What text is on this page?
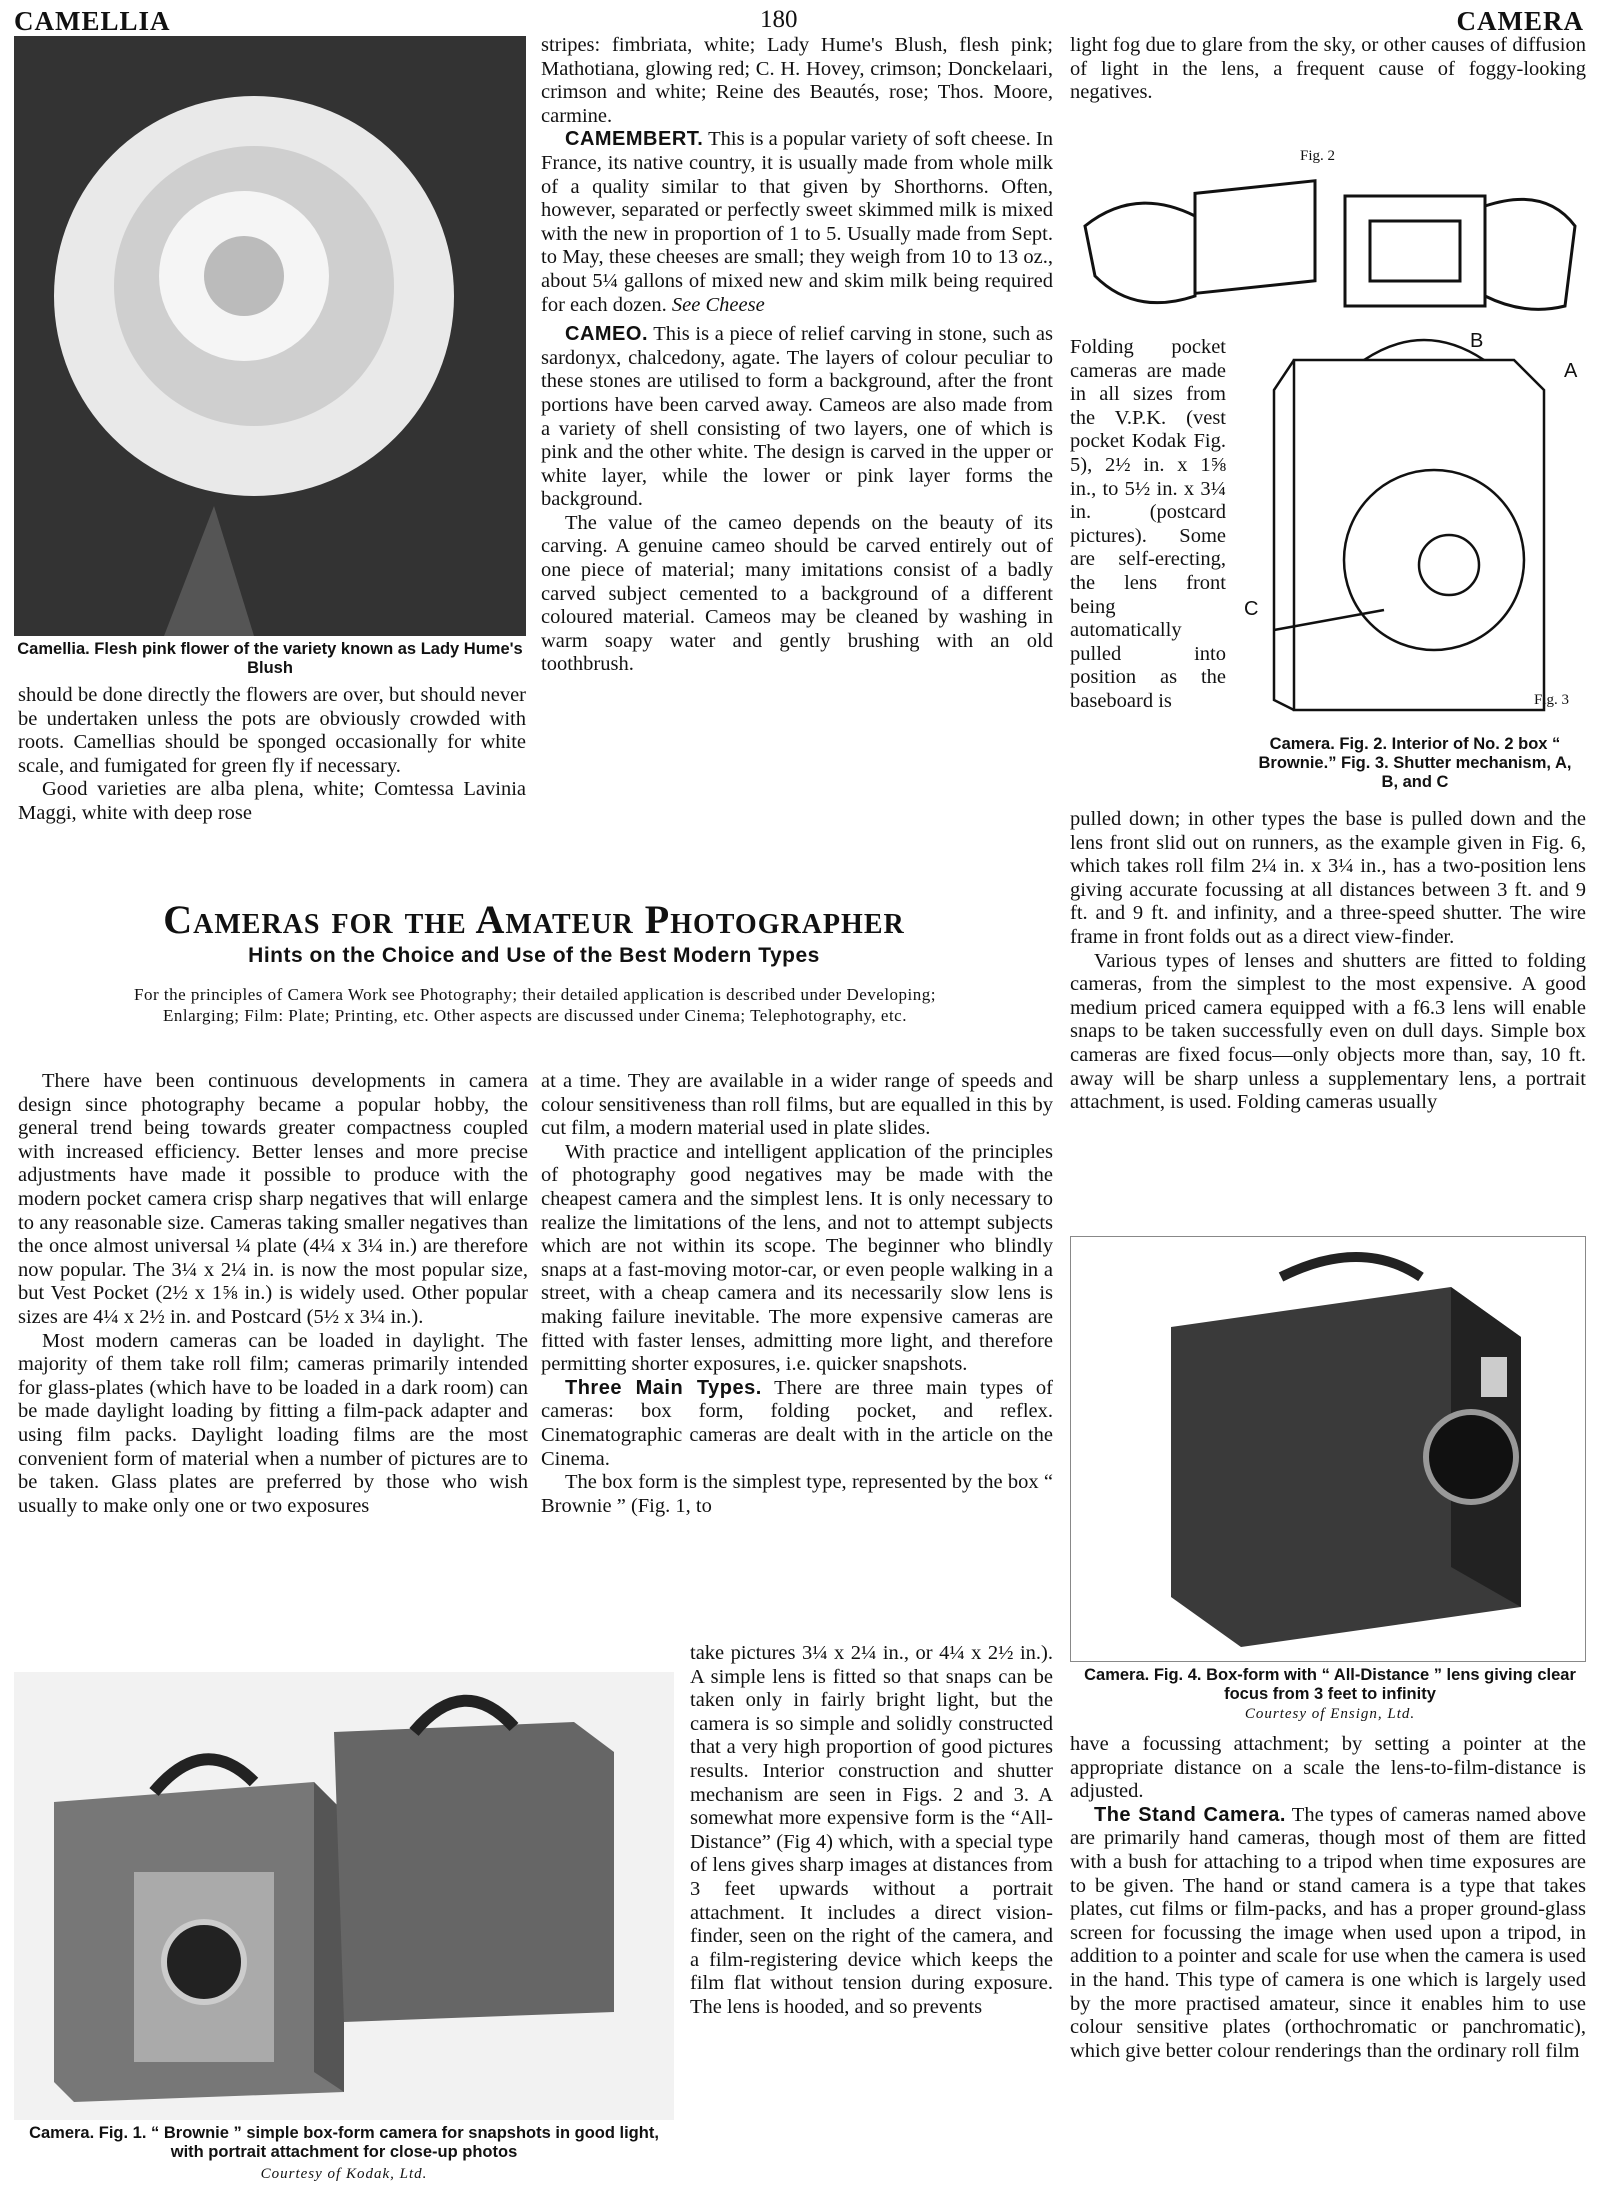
CAMELLIA	180	CAMERA
Camellia. Flesh pink flower of the variety known as Lady Hume's Blush

should be done directly the flowers are over, but should never be undertaken unless the pots are obviously crowded with roots. Camellias should be sponged occasionally for white scale, and fumigated for green fly if necessary.

Good varieties are alba plena, white; Comtessa Lavinia Maggi, white with deep rose

stripes: fimbriata, white; Lady Hume's Blush, flesh pink; Mathotiana, glowing red; C. H. Hovey, crimson; Donckelaari, crimson and white; Reine des Beautés, rose; Thos. Moore, carmine.

CAMEMBERT. This is a popular variety of soft cheese. In France, its native country, it is usually made from whole milk of a quality similar to that given by Shorthorns. Often, however, separated or perfectly sweet skimmed milk is mixed with the new in proportion of 1 to 5. Usually made from Sept. to May, these cheeses are small; they weigh from 10 to 13 oz., about 5¼ gallons of mixed new and skim milk being required for each dozen. See Cheese

CAMEO. This is a piece of relief carving in stone, such as sardonyx, chalcedony, agate. The layers of colour peculiar to these stones are utilised to form a background, after the front portions have been carved away. Cameos are also made from a variety of shell consisting of two layers, one of which is pink and the other white. The design is carved in the upper or white layer, while the lower or pink layer forms the background.

The value of the cameo depends on the beauty of its carving. A genuine cameo should be carved entirely out of one piece of material; many imitations consist of a badly carved subject cemented to a background of a different coloured material. Cameos may be cleaned by washing in warm soapy water and gently brushing with an old toothbrush.

light fog due to glare from the sky, or other causes of diffusion of light in the lens, a frequent cause of foggy-looking negatives.

Fig. 2

Folding pocket cameras are made in all sizes from the V.P.K. (vest pocket Kodak Fig. 5), 2½ in. x 1⅝ in., to 5½ in. x 3¼ in. (postcard pictures). Some are self-erecting, the lens front being automatically pulled into position as the baseboard is

B
A
C
Fig. 3
Camera. Fig. 2. Interior of No. 2 box “ Brownie.” Fig. 3. Shutter mechanism, A, B, and C

pulled down; in other types the base is pulled down and the lens front slid out on runners, as the example given in Fig. 6, which takes roll film 2¼ in. x 3¼ in., has a two-position lens giving accurate focussing at all distances between 3 ft. and 9 ft. and 9 ft. and infinity, and a three-speed shutter. The wire frame in front folds out as a direct view-finder.

Various types of lenses and shutters are fitted to folding cameras, from the simplest to the most expensive. A good medium priced camera equipped with a f6.3 lens will enable snaps to be taken successfully even on dull days. Simple box cameras are fixed focus—only objects more than, say, 10 ft. away will be sharp unless a supplementary lens, a portrait attachment, is used. Folding cameras usually

Camera. Fig. 4. Box-form with “ All-Distance ” lens giving clear focus from 3 feet to infinity
Courtesy of Ensign, Ltd.

have a focussing attachment; by setting a pointer at the appropriate distance on a scale the lens-to-film-distance is adjusted.

The Stand Camera. The types of cameras named above are primarily hand cameras, though most of them are fitted with a bush for attaching to a tripod when time exposures are to be given. The hand or stand camera is a type that takes plates, cut films or film-packs, and has a proper ground-glass screen for focussing the image when used upon a tripod, in addition to a pointer and scale for use when the camera is used in the hand. This type of camera is one which is largely used by the more practised amateur, since it enables him to use colour sensitive plates (orthochromatic or panchromatic), which give better colour renderings than the ordinary roll film

Cameras for the Amateur Photographer
Hints on the Choice and Use of the Best Modern Types
For the principles of Camera Work see Photography; their detailed application is described under Developing; Enlarging; Film: Plate; Printing, etc. Other aspects are discussed under Cinema; Telephotography, etc.

There have been continuous developments in camera design since photography became a popular hobby, the general trend being towards greater compactness coupled with increased efficiency. Better lenses and more precise adjustments have made it possible to produce with the modern pocket camera crisp sharp negatives that will enlarge to any reasonable size. Cameras taking smaller negatives than the once almost universal ¼ plate (4¼ x 3¼ in.) are therefore now popular. The 3¼ x 2¼ in. is now the most popular size, but Vest Pocket (2½ x 1⅝ in.) is widely used. Other popular sizes are 4¼ x 2½ in. and Postcard (5½ x 3¼ in.).

Most modern cameras can be loaded in daylight. The majority of them take roll film; cameras primarily intended for glass-plates (which have to be loaded in a dark room) can be made daylight loading by fitting a film-pack adapter and using film packs. Daylight loading films are the most convenient form of material when a number of pictures are to be taken. Glass plates are preferred by those who wish usually to make only one or two exposures

at a time. They are available in a wider range of speeds and colour sensitiveness than roll films, but are equalled in this by cut film, a modern material used in plate slides.

With practice and intelligent application of the principles of photography good negatives may be made with the cheapest camera and the simplest lens. It is only necessary to realize the limitations of the lens, and not to attempt subjects which are not within its scope. The beginner who blindly snaps at a fast-moving motor-car, or even people walking in a street, with a cheap camera and its necessarily slow lens is making failure inevitable. The more expensive cameras are fitted with faster lenses, admitting more light, and therefore permitting shorter exposures, i.e. quicker snapshots.

Three Main Types. There are three main types of cameras: box form, folding pocket, and reflex. Cinematographic cameras are dealt with in the article on the Cinema.

The box form is the simplest type, represented by the box “ Brownie ” (Fig. 1, to

take pictures 3¼ x 2¼ in., or 4¼ x 2½ in.). A simple lens is fitted so that snaps can be taken only in fairly bright light, but the camera is so simple and solidly constructed that a very high proportion of good pictures results. Interior construction and shutter mechanism are seen in Figs. 2 and 3. A somewhat more expensive form is the “All-Distance” (Fig 4) which, with a special type of lens gives sharp images at distances from 3 feet upwards without a portrait attachment. It includes a direct vision-finder, seen on the right of the camera, and a film-registering device which keeps the film flat without tension during exposure. The lens is hooded, and so prevents

Camera. Fig. 1. “ Brownie ” simple box-form camera for snapshots in good light, with portrait attachment for close-up photos
Courtesy of Kodak, Ltd.
